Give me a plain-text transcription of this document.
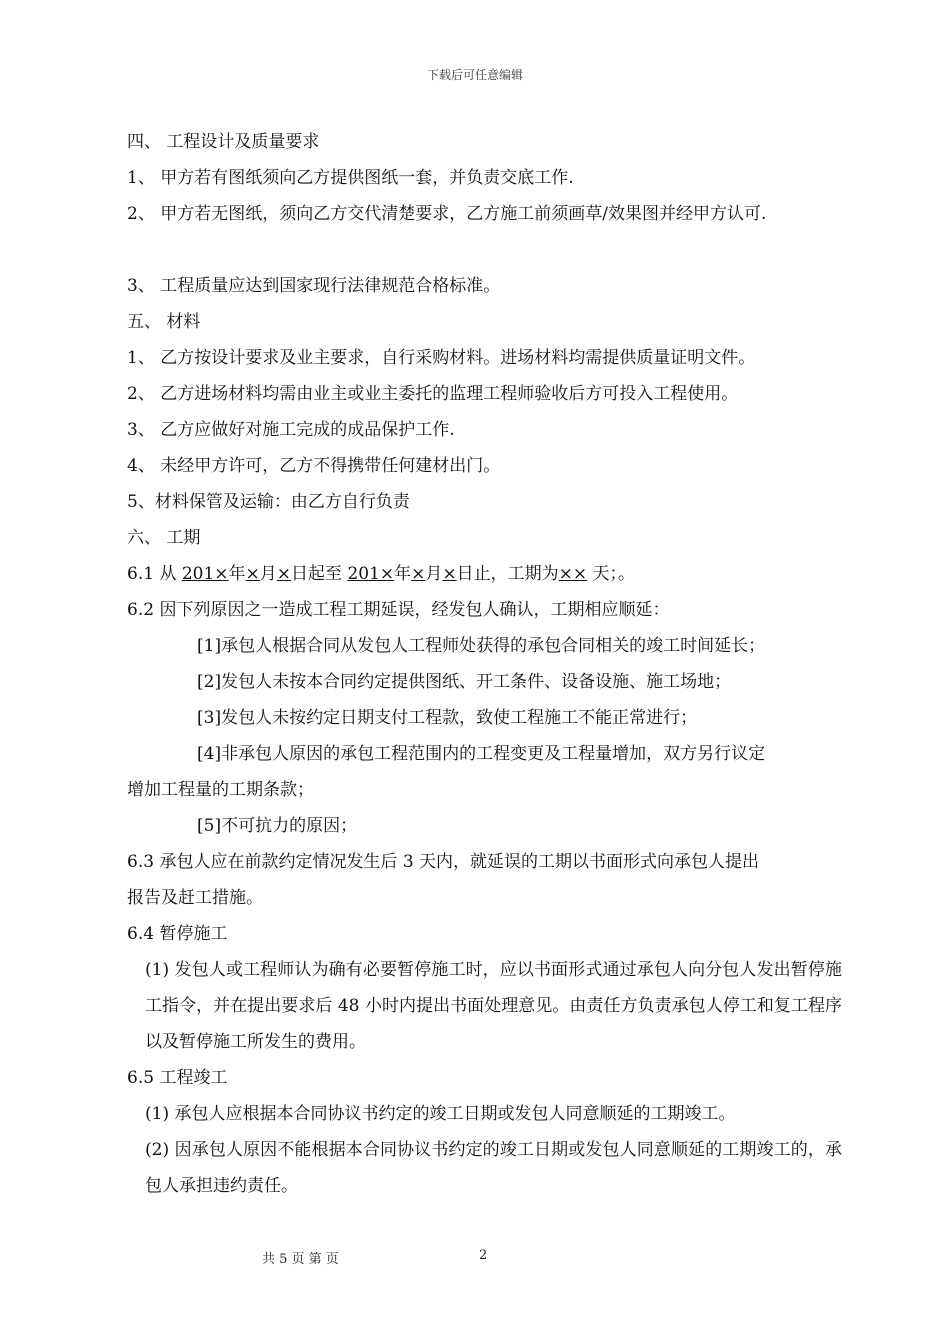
下载后可任意编辑
四、 工程设计及质量要求
1、 甲方若有图纸须向乙方提供图纸一套，并负责交底工作.
2、 甲方若无图纸，须向乙方交代清楚要求，乙方施工前须画草/效果图并经甲方认可.
3、 工程质量应达到国家现行法律规范合格标准。
五、 材料
1、 乙方按设计要求及业主要求，自行采购材料。进场材料均需提供质量证明文件。
2、 乙方进场材料均需由业主或业主委托的监理工程师验收后方可投入工程使用。
3、 乙方应做好对施工完成的成品保护工作.
4、 未经甲方许可，乙方不得携带任何建材出门。
5、材料保管及运输：由乙方自行负责
六、 工期
6.1 从 201×年×月×日起至 201×年×月×日止，工期为×× 天；。
6.2 因下列原因之一造成工程工期延误，经发包人确认，工期相应顺延：
[1]承包人根据合同从发包人工程师处获得的承包合同相关的竣工时间延长；
[2]发包人未按本合同约定提供图纸、开工条件、设备设施、施工场地；
[3]发包人未按约定日期支付工程款，致使工程施工不能正常进行；
[4]非承包人原因的承包工程范围内的工程变更及工程量增加，双方另行议定
增加工程量的工期条款；
[5]不可抗力的原因；
6.3 承包人应在前款约定情况发生后 3 天内，就延误的工期以书面形式向承包人提出
报告及赶工措施。
6.4 暂停施工
(1) 发包人或工程师认为确有必要暂停施工时，应以书面形式通过承包人向分包人发出暂停施工指令，并在提出要求后 48 小时内提出书面处理意见。由责任方负责承包人停工和复工程序以及暂停施工所发生的费用。
6.5 工程竣工
(1) 承包人应根据本合同协议书约定的竣工日期或发包人同意顺延的工期竣工。
(2) 因承包人原因不能根据本合同协议书约定的竣工日期或发包人同意顺延的工期竣工的，承包人承担违约责任。
共 5 页 第 页	2
